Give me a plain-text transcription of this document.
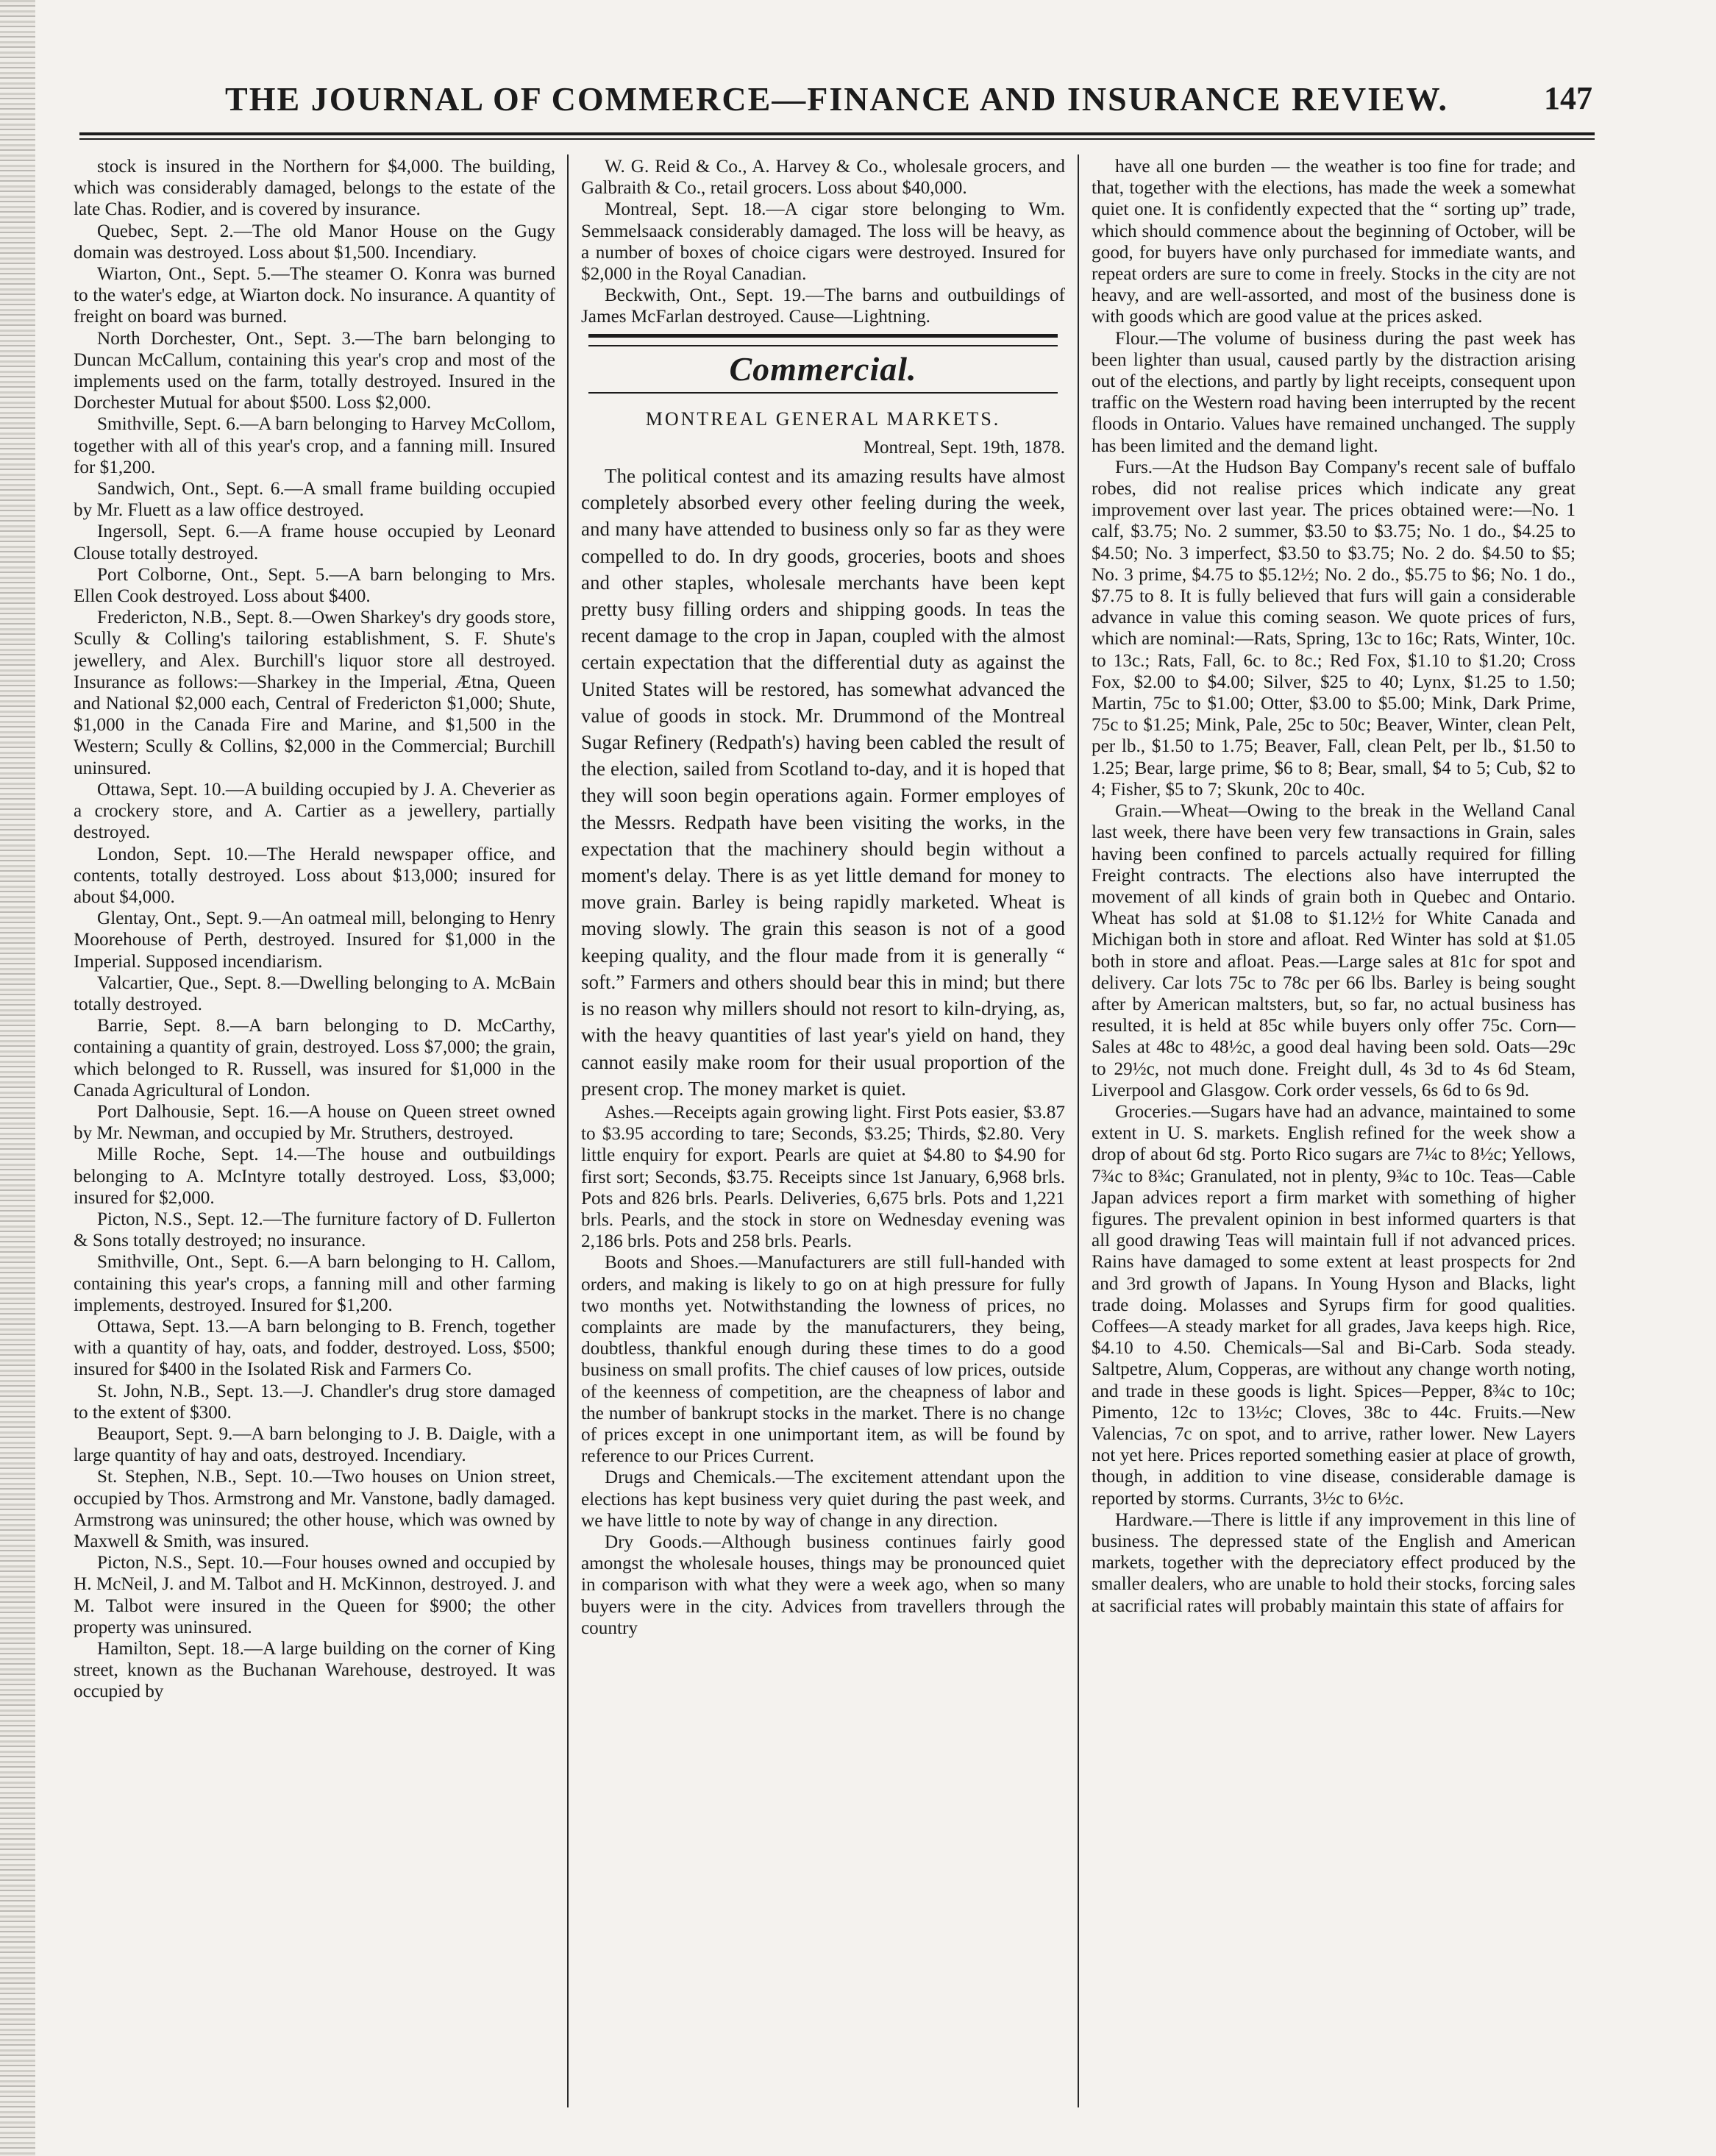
THE JOURNAL OF COMMERCE—FINANCE AND INSURANCE REVIEW.	147

stock is insured in the Northern for $4,000. The building, which was considerably damaged, belongs to the estate of the late Chas. Rodier, and is covered by insurance.

Quebec, Sept. 2.—The old Manor House on the Gugy domain was destroyed. Loss about $1,500. Incendiary.

Wiarton, Ont., Sept. 5.—The steamer O. Konra was burned to the water's edge, at Wiarton dock. No insurance. A quantity of freight on board was burned.

North Dorchester, Ont., Sept. 3.—The barn belonging to Duncan McCallum, containing this year's crop and most of the implements used on the farm, totally destroyed. Insured in the Dorchester Mutual for about $500. Loss $2,000.

Smithville, Sept. 6.—A barn belonging to Harvey McCollom, together with all of this year's crop, and a fanning mill. Insured for $1,200.

Sandwich, Ont., Sept. 6.—A small frame building occupied by Mr. Fluett as a law office destroyed.

Ingersoll, Sept. 6.—A frame house occupied by Leonard Clouse totally destroyed.

Port Colborne, Ont., Sept. 5.—A barn belonging to Mrs. Ellen Cook destroyed. Loss about $400.

Fredericton, N.B., Sept. 8.—Owen Sharkey's dry goods store, Scully & Colling's tailoring establishment, S. F. Shute's jewellery, and Alex. Burchill's liquor store all destroyed. Insurance as follows:—Sharkey in the Imperial, Ætna, Queen and National $2,000 each, Central of Fredericton $1,000; Shute, $1,000 in the Canada Fire and Marine, and $1,500 in the Western; Scully & Collins, $2,000 in the Commercial; Burchill uninsured.

Ottawa, Sept. 10.—A building occupied by J. A. Cheverier as a crockery store, and A. Cartier as a jewellery, partially destroyed.

London, Sept. 10.—The Herald newspaper office, and contents, totally destroyed. Loss about $13,000; insured for about $4,000.

Glentay, Ont., Sept. 9.—An oatmeal mill, belonging to Henry Moorehouse of Perth, destroyed. Insured for $1,000 in the Imperial. Supposed incendiarism.

Valcartier, Que., Sept. 8.—Dwelling belonging to A. McBain totally destroyed.

Barrie, Sept. 8.—A barn belonging to D. McCarthy, containing a quantity of grain, destroyed. Loss $7,000; the grain, which belonged to R. Russell, was insured for $1,000 in the Canada Agricultural of London.

Port Dalhousie, Sept. 16.—A house on Queen street owned by Mr. Newman, and occupied by Mr. Struthers, destroyed.

Mille Roche, Sept. 14.—The house and outbuildings belonging to A. McIntyre totally destroyed. Loss, $3,000; insured for $2,000.

Picton, N.S., Sept. 12.—The furniture factory of D. Fullerton & Sons totally destroyed; no insurance.

Smithville, Ont., Sept. 6.—A barn belonging to H. Callom, containing this year's crops, a fanning mill and other farming implements, destroyed. Insured for $1,200.

Ottawa, Sept. 13.—A barn belonging to B. French, together with a quantity of hay, oats, and fodder, destroyed. Loss, $500; insured for $400 in the Isolated Risk and Farmers Co.

St. John, N.B., Sept. 13.—J. Chandler's drug store damaged to the extent of $300.

Beauport, Sept. 9.—A barn belonging to J. B. Daigle, with a large quantity of hay and oats, destroyed. Incendiary.

St. Stephen, N.B., Sept. 10.—Two houses on Union street, occupied by Thos. Armstrong and Mr. Vanstone, badly damaged. Armstrong was uninsured; the other house, which was owned by Maxwell & Smith, was insured.

Picton, N.S., Sept. 10.—Four houses owned and occupied by H. McNeil, J. and M. Talbot and H. McKinnon, destroyed. J. and M. Talbot were insured in the Queen for $900; the other property was uninsured.

Hamilton, Sept. 18.—A large building on the corner of King street, known as the Buchanan Warehouse, destroyed. It was occupied by

W. G. Reid & Co., A. Harvey & Co., wholesale grocers, and Galbraith & Co., retail grocers. Loss about $40,000.

Montreal, Sept. 18.—A cigar store belonging to Wm. Semmelsaack considerably damaged. The loss will be heavy, as a number of boxes of choice cigars were destroyed. Insured for $2,000 in the Royal Canadian.

Beckwith, Ont., Sept. 19.—The barns and outbuildings of James McFarlan destroyed. Cause—Lightning.

Commercial.
MONTREAL GENERAL MARKETS.
Montreal, Sept. 19th, 1878.

The political contest and its amazing results have almost completely absorbed every other feeling during the week, and many have attended to business only so far as they were compelled to do. In dry goods, groceries, boots and shoes and other staples, wholesale merchants have been kept pretty busy filling orders and shipping goods. In teas the recent damage to the crop in Japan, coupled with the almost certain expectation that the differential duty as against the United States will be restored, has somewhat advanced the value of goods in stock. Mr. Drummond of the Montreal Sugar Refinery (Redpath's) having been cabled the result of the election, sailed from Scotland to-day, and it is hoped that they will soon begin operations again. Former employes of the Messrs. Redpath have been visiting the works, in the expectation that the machinery should begin without a moment's delay. There is as yet little demand for money to move grain. Barley is being rapidly marketed. Wheat is moving slowly. The grain this season is not of a good keeping quality, and the flour made from it is generally “ soft.” Farmers and others should bear this in mind; but there is no reason why millers should not resort to kiln-drying, as, with the heavy quantities of last year's yield on hand, they cannot easily make room for their usual proportion of the present crop. The money market is quiet.

Ashes.—Receipts again growing light. First Pots easier, $3.87 to $3.95 according to tare; Seconds, $3.25; Thirds, $2.80. Very little enquiry for export. Pearls are quiet at $4.80 to $4.90 for first sort; Seconds, $3.75. Receipts since 1st January, 6,968 brls. Pots and 826 brls. Pearls. Deliveries, 6,675 brls. Pots and 1,221 brls. Pearls, and the stock in store on Wednesday evening was 2,186 brls. Pots and 258 brls. Pearls.

Boots and Shoes.—Manufacturers are still full-handed with orders, and making is likely to go on at high pressure for fully two months yet. Notwithstanding the lowness of prices, no complaints are made by the manufacturers, they being, doubtless, thankful enough during these times to do a good business on small profits. The chief causes of low prices, outside of the keenness of competition, are the cheapness of labor and the number of bankrupt stocks in the market. There is no change of prices except in one unimportant item, as will be found by reference to our Prices Current.

Drugs and Chemicals.—The excitement attendant upon the elections has kept business very quiet during the past week, and we have little to note by way of change in any direction.

Dry Goods.—Although business continues fairly good amongst the wholesale houses, things may be pronounced quiet in comparison with what they were a week ago, when so many buyers were in the city. Advices from travellers through the country

have all one burden — the weather is too fine for trade; and that, together with the elections, has made the week a somewhat quiet one. It is confidently expected that the “ sorting up” trade, which should commence about the beginning of October, will be good, for buyers have only purchased for immediate wants, and repeat orders are sure to come in freely. Stocks in the city are not heavy, and are well-assorted, and most of the business done is with goods which are good value at the prices asked.

Flour.—The volume of business during the past week has been lighter than usual, caused partly by the distraction arising out of the elections, and partly by light receipts, consequent upon traffic on the Western road having been interrupted by the recent floods in Ontario. Values have remained unchanged. The supply has been limited and the demand light.

Furs.—At the Hudson Bay Company's recent sale of buffalo robes, did not realise prices which indicate any great improvement over last year. The prices obtained were:—No. 1 calf, $3.75; No. 2 summer, $3.50 to $3.75; No. 1 do., $4.25 to $4.50; No. 3 imperfect, $3.50 to $3.75; No. 2 do. $4.50 to $5; No. 3 prime, $4.75 to $5.12½; No. 2 do., $5.75 to $6; No. 1 do., $7.75 to 8. It is fully believed that furs will gain a considerable advance in value this coming season. We quote prices of furs, which are nominal:—Rats, Spring, 13c to 16c; Rats, Winter, 10c. to 13c.; Rats, Fall, 6c. to 8c.; Red Fox, $1.10 to $1.20; Cross Fox, $2.00 to $4.00; Silver, $25 to 40; Lynx, $1.25 to 1.50; Martin, 75c to $1.00; Otter, $3.00 to $5.00; Mink, Dark Prime, 75c to $1.25; Mink, Pale, 25c to 50c; Beaver, Winter, clean Pelt, per lb., $1.50 to 1.75; Beaver, Fall, clean Pelt, per lb., $1.50 to 1.25; Bear, large prime, $6 to 8; Bear, small, $4 to 5; Cub, $2 to 4; Fisher, $5 to 7; Skunk, 20c to 40c.

Grain.—Wheat—Owing to the break in the Welland Canal last week, there have been very few transactions in Grain, sales having been confined to parcels actually required for filling Freight contracts. The elections also have interrupted the movement of all kinds of grain both in Quebec and Ontario. Wheat has sold at $1.08 to $1.12½ for White Canada and Michigan both in store and afloat. Red Winter has sold at $1.05 both in store and afloat. Peas.—Large sales at 81c for spot and delivery. Car lots 75c to 78c per 66 lbs. Barley is being sought after by American maltsters, but, so far, no actual business has resulted, it is held at 85c while buyers only offer 75c. Corn—Sales at 48c to 48½c, a good deal having been sold. Oats—29c to 29½c, not much done. Freight dull, 4s 3d to 4s 6d Steam, Liverpool and Glasgow. Cork order vessels, 6s 6d to 6s 9d.

Groceries.—Sugars have had an advance, maintained to some extent in U. S. markets. English refined for the week show a drop of about 6d stg. Porto Rico sugars are 7¼c to 8½c; Yellows, 7¾c to 8¾c; Granulated, not in plenty, 9¾c to 10c. Teas—Cable Japan advices report a firm market with something of higher figures. The prevalent opinion in best informed quarters is that all good drawing Teas will maintain full if not advanced prices. Rains have damaged to some extent at least prospects for 2nd and 3rd growth of Japans. In Young Hyson and Blacks, light trade doing. Molasses and Syrups firm for good qualities. Coffees—A steady market for all grades, Java keeps high. Rice, $4.10 to 4.50. Chemicals—Sal and Bi-Carb. Soda steady. Saltpetre, Alum, Copperas, are without any change worth noting, and trade in these goods is light. Spices—Pepper, 8¾c to 10c; Pimento, 12c to 13½c; Cloves, 38c to 44c. Fruits.—New Valencias, 7c on spot, and to arrive, rather lower. New Layers not yet here. Prices reported something easier at place of growth, though, in addition to vine disease, considerable damage is reported by storms. Currants, 3½c to 6½c.

Hardware.—There is little if any improvement in this line of business. The depressed state of the English and American markets, together with the depreciatory effect produced by the smaller dealers, who are unable to hold their stocks, forcing sales at sacrificial rates will probably maintain this state of affairs for
